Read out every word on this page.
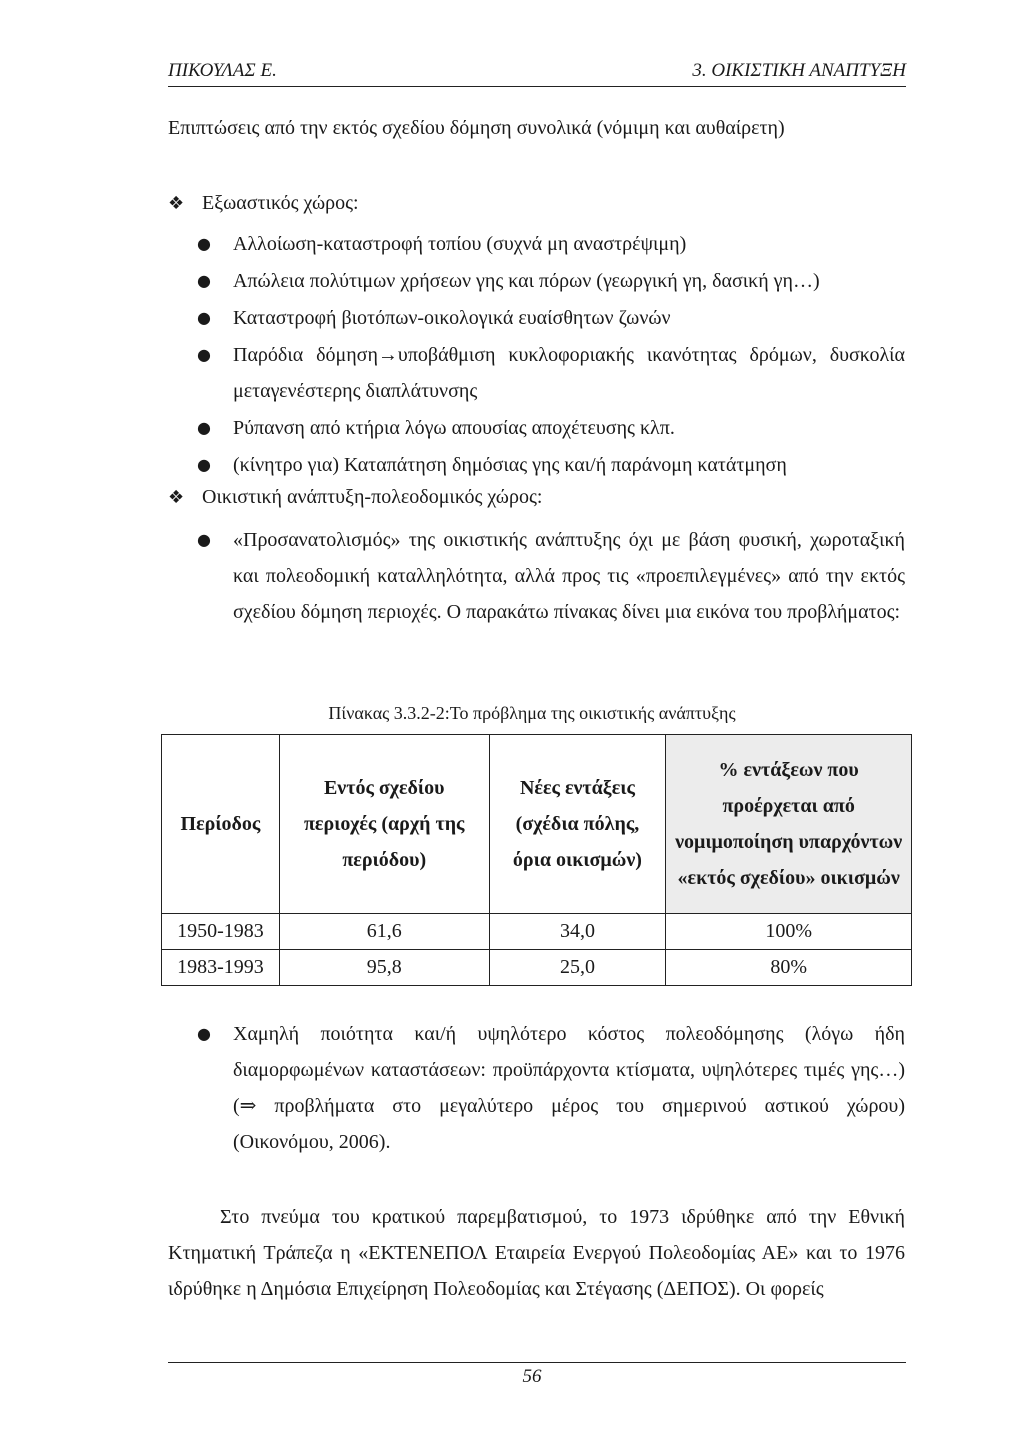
ΠΙΚΟΥΛΑΣ Ε.	3. ΟΙΚΙΣΤΙΚΗ ΑΝΑΠΤΥΞΗ
Επιπτώσεις από την εκτός σχεδίου δόμηση συνολικά (νόμιμη και αυθαίρετη)
❖Εξωαστικός χώρος:
●
Αλλοίωση-καταστροφή τοπίου (συχνά μη αναστρέψιμη)
●
Απώλεια πολύτιμων χρήσεων γης και πόρων (γεωργική γη, δασική γη…)
●
Καταστροφή βιοτόπων-οικολογικά ευαίσθητων ζωνών
●
Παρόδια δόμηση→υποβάθμιση κυκλοφοριακής ικανότητας δρόμων, δυσκολία μεταγενέστερης διαπλάτυνσης
●
Ρύπανση από κτήρια λόγω απουσίας αποχέτευσης κλπ.
●
(κίνητρο για) Καταπάτηση δημόσιας γης και/ή παράνομη κατάτμηση
❖Οικιστική ανάπτυξη-πολεοδομικός χώρος:
●
«Προσανατολισμός» της οικιστικής ανάπτυξης όχι με βάση φυσική, χωροταξική και πολεοδομική καταλληλότητα, αλλά προς τις «προεπιλεγμένες» από την εκτός σχεδίου δόμηση περιοχές. Ο παρακάτω πίνακας δίνει μια εικόνα του προβλήματος:
Πίνακας 3.3.2-2:Το πρόβλημα της οικιστικής ανάπτυξης
Περίοδος	Εντός σχεδίου περιοχές (αρχή της περιόδου)	Νέες εντάξεις (σχέδια πόλης, όρια οικισμών)	% εντάξεων που προέρχεται από νομιμοποίηση υπαρχόντων «εκτός σχεδίου» οικισμών
1950-1983	61,6	34,0	100%
1983-1993	95,8	25,0	80%
●
Χαμηλή ποιότητα και/ή υψηλότερο κόστος πολεοδόμησης (λόγω ήδη διαμορφωμένων καταστάσεων: προϋπάρχοντα κτίσματα, υψηλότερες τιμές γης…) (⇒ προβλήματα στο μεγαλύτερο μέρος του σημερινού αστικού χώρου) (Οικονόμου, 2006).
Στο πνεύμα του κρατικού παρεμβατισμού, το 1973 ιδρύθηκε από την Εθνική Κτηματική Τράπεζα η «ΕΚΤΕΝΕΠΟΛ Εταιρεία Ενεργού Πολεοδομίας ΑΕ» και το 1976 ιδρύθηκε η Δημόσια Επιχείρηση Πολεοδομίας και Στέγασης (ΔΕΠΟΣ). Οι φορείς
56
